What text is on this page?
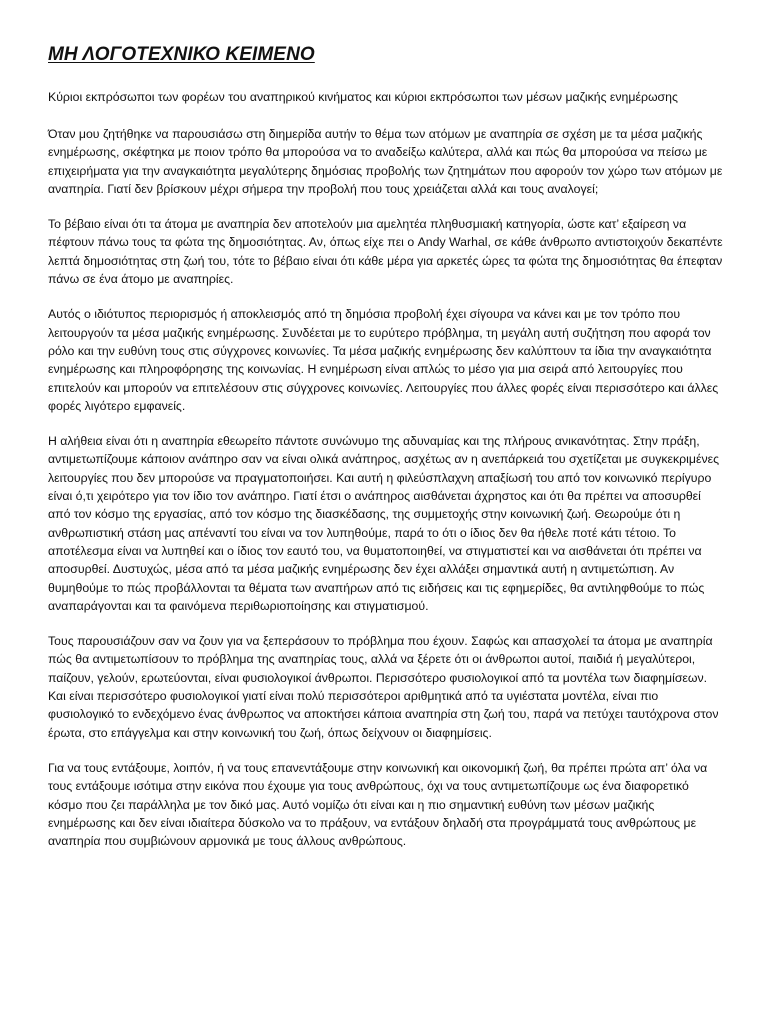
ΜΗ ΛΟΓΟΤΕΧΝΙΚΟ ΚΕΙΜΕΝΟ
Κύριοι εκπρόσωποι των φορέων του αναπηρικού κινήματος και κύριοι εκπρόσωποι των μέσων μαζικής ενημέρωσης
Όταν μου ζητήθηκε να παρουσιάσω στη διημερίδα αυτήν το θέμα των ατόμων με αναπηρία σε σχέση με τα μέσα μαζικής ενημέρωσης, σκέφτηκα με ποιον τρόπο θα μπορούσα να το αναδείξω καλύτερα, αλλά και πώς θα μπορούσα να πείσω με επιχειρήματα για την αναγκαιότητα μεγαλύτερης δημόσιας προβολής των ζητημάτων που αφορούν τον χώρο των ατόμων με αναπηρία. Γιατί δεν βρίσκουν μέχρι σήμερα την προβολή που τους χρειάζεται αλλά και τους αναλογεί;
Το βέβαιο είναι ότι τα άτομα με αναπηρία δεν αποτελούν μια αμελητέα πληθυσμιακή κατηγορία, ώστε κατ’ εξαίρεση να πέφτουν πάνω τους τα φώτα της δημοσιότητας. Αν, όπως είχε πει ο Andy Warhal, σε κάθε άνθρωπο αντιστοιχούν δεκαπέντε λεπτά δημοσιότητας στη ζωή του, τότε το βέβαιο είναι ότι κάθε μέρα για αρκετές ώρες τα φώτα της δημοσιότητας θα έπεφταν πάνω σε ένα άτομο με αναπηρίες.
Αυτός ο ιδιότυπος περιορισμός ή αποκλεισμός από τη δημόσια προβολή έχει σίγουρα να κάνει και με τον τρόπο που λειτουργούν τα μέσα μαζικής ενημέρωσης. Συνδέεται με το ευρύτερο πρόβλημα, τη μεγάλη αυτή συζήτηση που αφορά τον ρόλο και την ευθύνη τους στις σύγχρονες κοινωνίες. Τα μέσα μαζικής ενημέρωσης δεν καλύπτουν τα ίδια την αναγκαιότητα ενημέρωσης και πληροφόρησης της κοινωνίας. Η ενημέρωση είναι απλώς το μέσο για μια σειρά από λειτουργίες που επιτελούν και μπορούν να επιτελέσουν στις σύγχρονες κοινωνίες. Λειτουργίες που άλλες φορές είναι περισσότερο και άλλες φορές λιγότερο εμφανείς.
Η αλήθεια είναι ότι η αναπηρία εθεωρείτο πάντοτε συνώνυμο της αδυναμίας και της πλήρους ανικανότητας. Στην πράξη, αντιμετωπίζουμε κάποιον ανάπηρο σαν να είναι ολικά ανάπηρος, ασχέτως αν η ανεπάρκειά του σχετίζεται με συγκεκριμένες λειτουργίες που δεν μπορούσε να πραγματοποιήσει. Και αυτή η φιλεύσπλαχνη απαξίωσή του από τον κοινωνικό περίγυρο είναι ό,τι χειρότερο για τον ίδιο τον ανάπηρο. Γιατί έτσι ο ανάπηρος αισθάνεται άχρηστος και ότι θα πρέπει να αποσυρθεί από τον κόσμο της εργασίας, από τον κόσμο της διασκέδασης, της συμμετοχής στην κοινωνική ζωή. Θεωρούμε ότι η ανθρωπιστική στάση μας απέναντί του είναι να τον λυπηθούμε, παρά το ότι ο ίδιος δεν θα ήθελε ποτέ κάτι τέτοιο. Το αποτέλεσμα είναι να λυπηθεί και ο ίδιος τον εαυτό του, να θυματοποιηθεί, να στιγματιστεί και να αισθάνεται ότι πρέπει να αποσυρθεί. Δυστυχώς, μέσα από τα μέσα μαζικής ενημέρωσης δεν έχει αλλάξει σημαντικά αυτή η αντιμετώπιση. Αν θυμηθούμε το πώς προβάλλονται τα θέματα των αναπήρων από τις ειδήσεις και τις εφημερίδες, θα αντιληφθούμε το πώς αναπαράγονται και τα φαινόμενα περιθωριοποίησης και στιγματισμού.
Τους παρουσιάζουν σαν να ζουν για να ξεπεράσουν το πρόβλημα που έχουν. Σαφώς και απασχολεί τα άτομα με αναπηρία πώς θα αντιμετωπίσουν το πρόβλημα της αναπηρίας τους, αλλά να ξέρετε ότι οι άνθρωποι αυτοί, παιδιά ή μεγαλύτεροι, παίζουν, γελούν, ερωτεύονται, είναι φυσιολογικοί άνθρωποι. Περισσότερο φυσιολογικοί από τα μοντέλα των διαφημίσεων. Και είναι περισσότερο φυσιολογικοί γιατί είναι πολύ περισσότεροι αριθμητικά από τα υγιέστατα μοντέλα, είναι πιο φυσιολογικό το ενδεχόμενο ένας άνθρωπος να αποκτήσει κάποια αναπηρία στη ζωή του, παρά να πετύχει ταυτόχρονα στον έρωτα, στο επάγγελμα και στην κοινωνική του ζωή, όπως δείχνουν οι διαφημίσεις.
Για να τους εντάξουμε, λοιπόν, ή να τους επανεντάξουμε στην κοινωνική και οικονομική ζωή, θα πρέπει πρώτα απ’ όλα να τους εντάξουμε ισότιμα στην εικόνα που έχουμε για τους ανθρώπους, όχι να τους αντιμετωπίζουμε ως ένα διαφορετικό κόσμο που ζει παράλληλα με τον δικό μας. Αυτό νομίζω ότι είναι και η πιο σημαντική ευθύνη των μέσων μαζικής ενημέρωσης και δεν είναι ιδιαίτερα δύσκολο να το πράξουν, να εντάξουν δηλαδή στα προγράμματά τους ανθρώπους με αναπηρία που συμβιώνουν αρμονικά με τους άλλους ανθρώπους.
